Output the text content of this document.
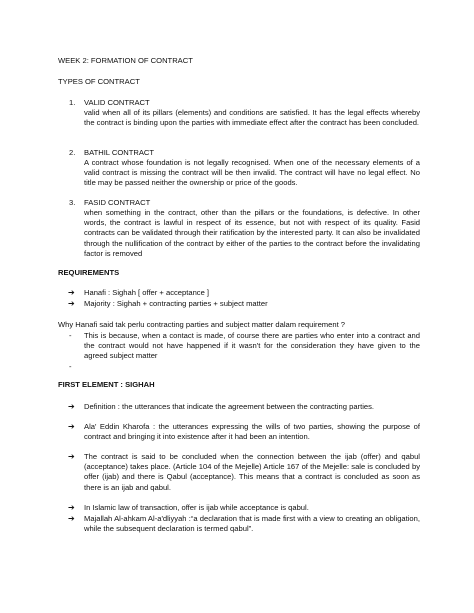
WEEK 2: FORMATION OF CONTRACT

TYPES OF CONTRACT

1. VALID CONTRACT

valid when all of its pillars (elements) and conditions are satisfied. It has the legal effects whereby the contract is binding upon the parties with immediate effect after the contract has been concluded.

2. BATHIL CONTRACT

A contract whose foundation is not legally recognised. When one of the necessary elements of a valid contract is missing the contract will be then invalid. The contract will have no legal effect. No title may be passed neither the ownership or price of the goods.

3. FASID CONTRACT

when something in the contract, other than the pillars or the foundations, is defective. In other words, the contract is lawful in respect of its essence, but not with respect of its quality. Fasid contracts can be validated through their ratification by the interested party. It can also be invalidated through the nullification of the contract by either of the parties to the contract before the invalidating factor is removed

REQUIREMENTS

➔ Hanafi : Sighah [ offer + acceptance ]

➔ Majority : Sighah + contracting parties + subject matter

Why Hanafi said tak perlu contracting parties and subject matter dalam requirement ?

- This is because, when a contact is made, of course there are parties who enter into a contract and the contract would not have happened if it wasn't for the consideration they have given to the agreed subject matter

-

FIRST ELEMENT : SIGHAH

➔ Definition : the utterances that indicate the agreement between the contracting parties.

➔ Ala' Eddin Kharofa : the utterances expressing the wills of two parties, showing the purpose of contract and bringing it into existence after it had been an intention.

➔ The contract is said to be concluded when the connection between the ijab (offer) and qabul (acceptance) takes place. (Article 104 of the Mejelle) Article 167 of the Mejelle: sale is concluded by offer (ijab) and there is Qabul (acceptance). This means that a contract is concluded as soon as there is an ijab and qabul.

➔ In Islamic law of transaction, offer is ijab while acceptance is qabul.

➔ Majallah Al-ahkam Al-a'dliyyah :“a declaration that is made first with a view to creating an obligation, while the subsequent declaration is termed qabul”.
